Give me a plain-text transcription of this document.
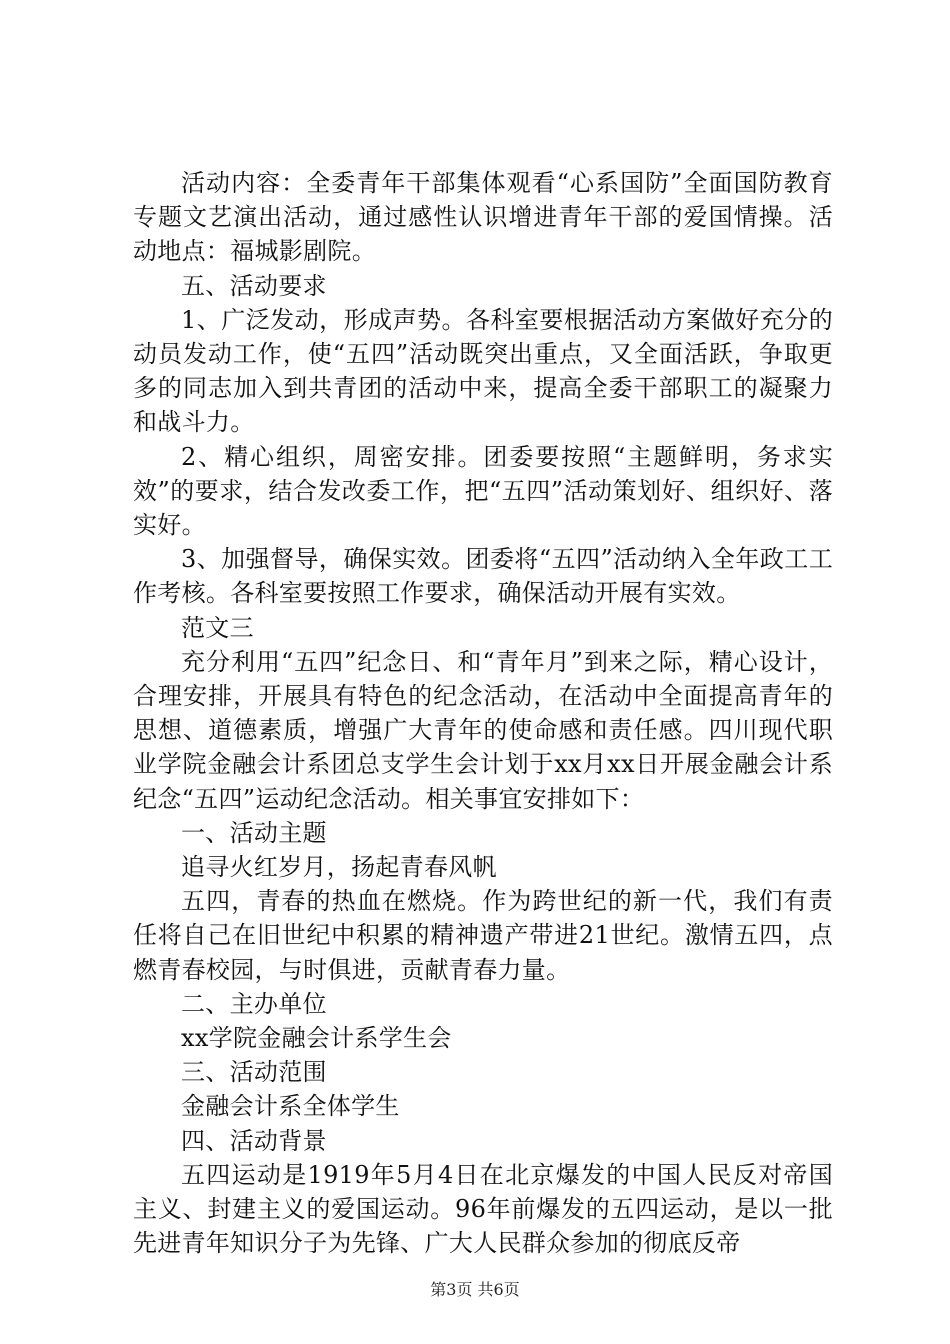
活动内容：全委青年干部集体观看“心系国防”全面国防教育专题文艺演出活动，通过感性认识增进青年干部的爱国情操。活动地点：福城影剧院。

五、活动要求

1、广泛发动，形成声势。各科室要根据活动方案做好充分的动员发动工作，使“五四”活动既突出重点，又全面活跃，争取更多的同志加入到共青团的活动中来，提高全委干部职工的凝聚力和战斗力。

2、精心组织，周密安排。团委要按照“主题鲜明，务求实效”的要求，结合发改委工作，把“五四”活动策划好、组织好、落实好。

3、加强督导，确保实效。团委将“五四”活动纳入全年政工工作考核。各科室要按照工作要求，确保活动开展有实效。

范文三

充分利用“五四”纪念日、和“青年月”到来之际，精心设计，合理安排，开展具有特色的纪念活动，在活动中全面提高青年的思想、道德素质，增强广大青年的使命感和责任感。四川现代职业学院金融会计系团总支学生会计划于xx月xx日开展金融会计系纪念“五四”运动纪念活动。相关事宜安排如下：

一、活动主题

追寻火红岁月，扬起青春风帆

五四，青春的热血在燃烧。作为跨世纪的新一代，我们有责任将自己在旧世纪中积累的精神遗产带进21世纪。激情五四，点燃青春校园，与时俱进，贡献青春力量。

二、主办单位

xx学院金融会计系学生会

三、活动范围

金融会计系全体学生

四、活动背景

五四运动是1919年5月4日在北京爆发的中国人民反对帝国主义、封建主义的爱国运动。96年前爆发的五四运动，是以一批先进青年知识分子为先锋、广大人民群众参加的彻底反帝

第3页 共6页
